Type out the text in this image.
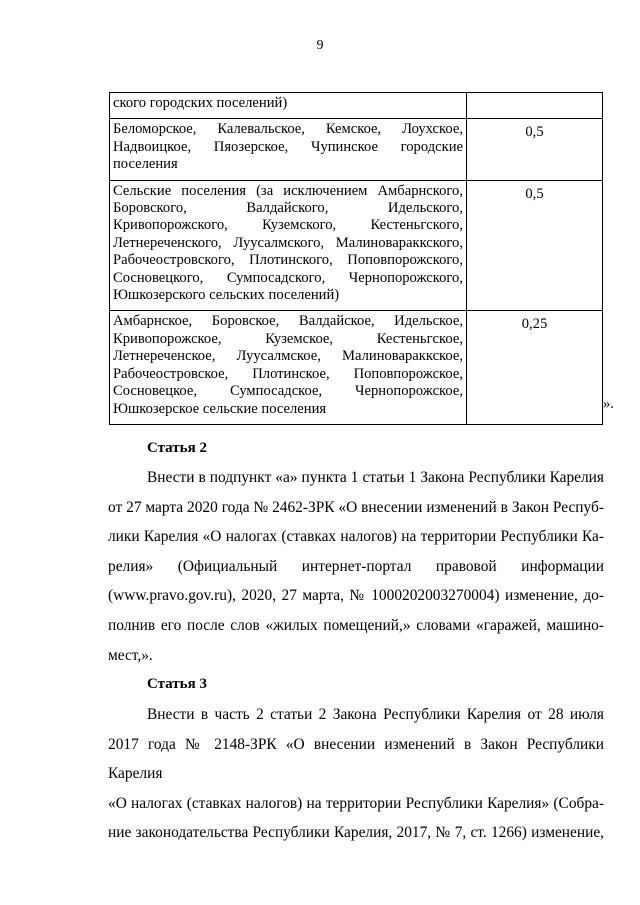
9
ского городских поселений)	

Беломорское, Калевальское, Кемское, Лоухское, Надвоицкое, Пяозерское, Чупинское городские поселения	0,5

Сельские поселения (за исключением Амбарнского, Боровского, Валдайского, Идельского, Кривопорожского, Куземского, Кестеньгского, Летнереченского, Луусалмского, Малиновараккского, Рабочеостровского, Плотинского, Поповпорожского, Сосновецкого, Сумпосадского, Чернопорожского, Юшкозерского сельских поселений)	0,5

Амбарнское, Боровское, Валдайское, Идельское, Кривопорожское, Куземское, Кестеньгское, Летнереченское, Луусалмское, Малиновараккское, Рабочеостровское, Плотинское, Поповпорожское, Сосновецкое, Сумпосадское, Чернопорожское, Юшкозерское сельские поселения	0,25
».
Статья 2
Внести в подпункт «а» пункта 1 статьи 1 Закона Республики Карелия
от 27 марта 2020 года № 2462-ЗРК «О внесении изменений в Закон Респуб-
лики Карелия «О налогах (ставках налогов) на территории Республики Ка-
релия» (Официальный интернет-портал правовой информации
(www.pravo.gov.ru), 2020, 27 марта, № 1000202003270004) изменение, до-
полнив его после слов «жилых помещений,» словами «гаражей, машино-
мест,».
Статья 3
Внести в часть 2 статьи 2 Закона Республики Карелия от 28 июля
2017 года № 2148-ЗРК «О внесении изменений в Закон Республики Карелия
«О налогах (ставках налогов) на территории Республики Карелия» (Собра-
ние законодательства Республики Карелия, 2017, № 7, ст. 1266) изменение,
